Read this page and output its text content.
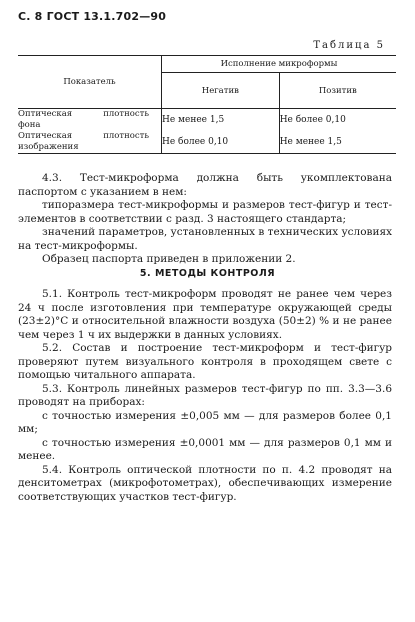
С. 8 ГОСТ 13.1.702—90
Таблица 5
Показатель	Исполнение микроформы	
	Негатив	Позитив

Оптическая плотность
фона	Не менее 1,5	Не более 0,10

Оптическая плотность
изображения	Не более 0,10	Не менее 1,5

4.3. Тест-микроформа должна быть укомплектована паспортом с указанием в нем:

типоразмера тест-микроформы и размеров тест-фигур и тест-элементов в соответствии с разд. 3 настоящего стандарта;

значений параметров, установленных в технических условиях на тест-микроформы.

Образец паспорта приведен в приложении 2.

5. МЕТОДЫ КОНТРОЛЯ

5.1. Контроль тест-микроформ проводят не ранее чем через 24 ч после изготовления при температуре окружающей среды (23±2)°С и относительной влажности воздуха (50±2) % и не ранее чем через 1 ч их выдержки в данных условиях.

5.2. Состав и построение тест-микроформ и тест-фигур проверяют путем визуального контроля в проходящем свете с помощью читального аппарата.

5.3. Контроль линейных размеров тест-фигур по пп. 3.3—3.6 проводят на приборах:

с точностью измерения ±0,005 мм — для размеров более 0,1 мм;

с точностью измерения ±0,0001 мм — для размеров 0,1 мм и менее.

5.4. Контроль оптической плотности по п. 4.2 проводят на денситометрах (микрофотометрах), обеспечивающих измерение соответствующих участков тест-фигур.
